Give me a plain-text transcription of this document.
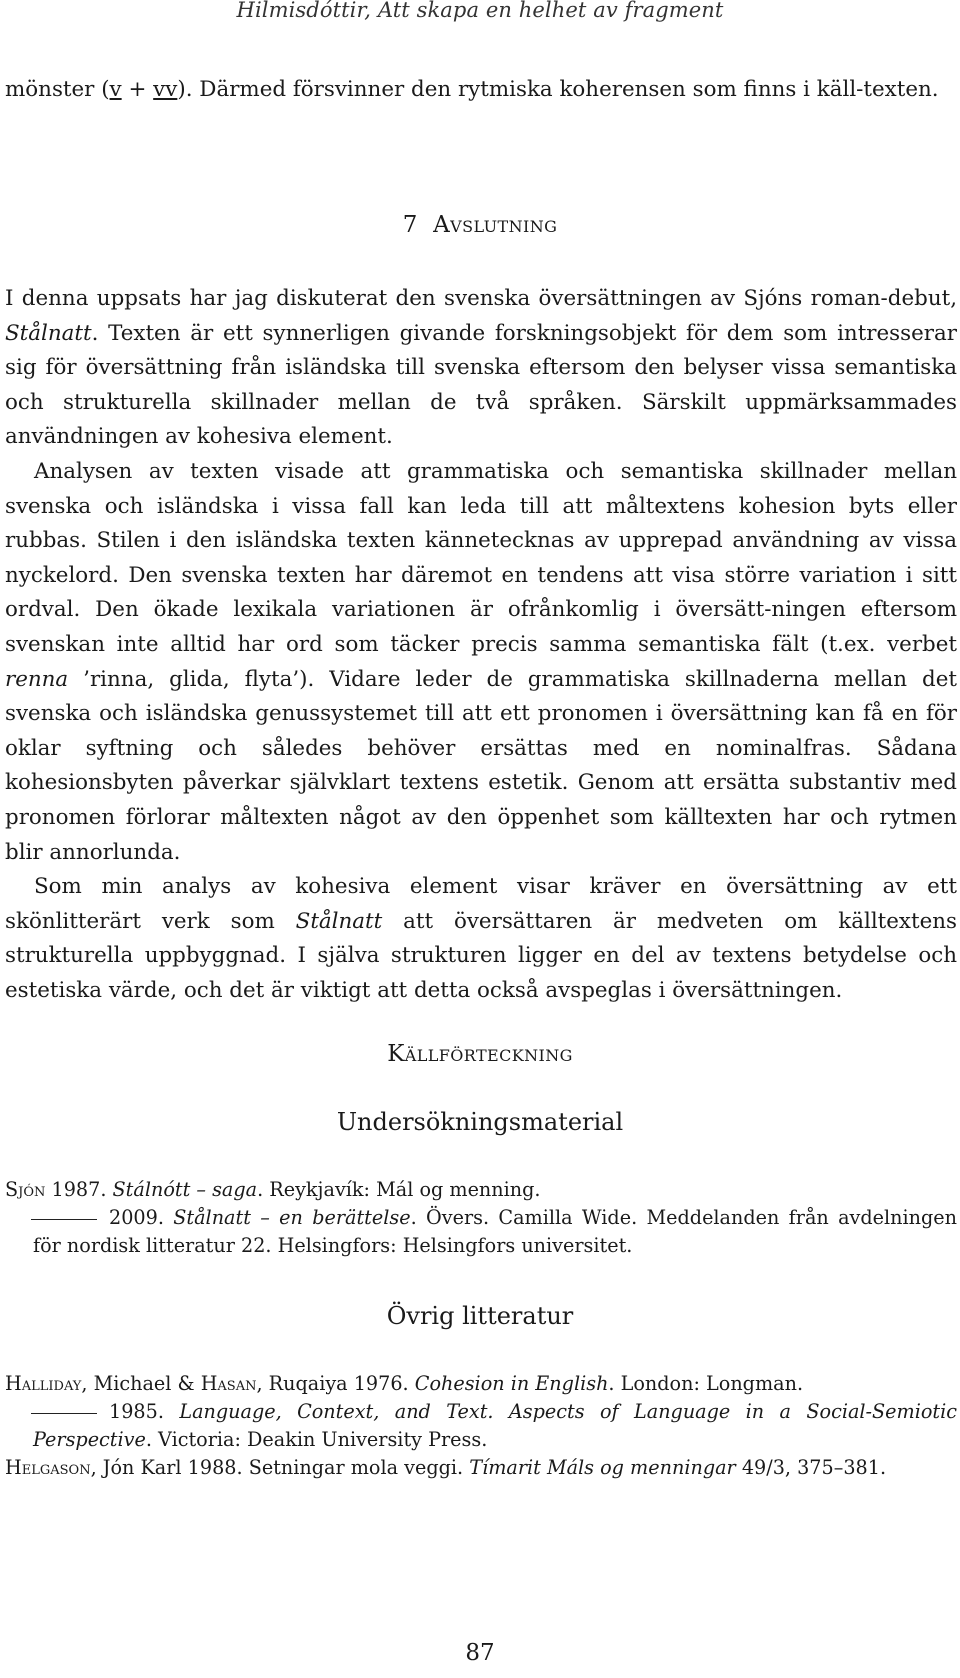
Hilmisdóttir, Att skapa en helhet av fragment

mönster (v + vv). Därmed försvinner den rytmiska koherensen som finns i käll-texten.

7 Avslutning

I denna uppsats har jag diskuterat den svenska översättningen av Sjóns roman-debut, Stålnatt. Texten är ett synnerligen givande forskningsobjekt för dem som intresserar sig för översättning från isländska till svenska eftersom den belyser vissa semantiska och strukturella skillnader mellan de två språken. Särskilt uppmärksammades användningen av kohesiva element.

Analysen av texten visade att grammatiska och semantiska skillnader mellan svenska och isländska i vissa fall kan leda till att måltextens kohesion byts eller rubbas. Stilen i den isländska texten kännetecknas av upprepad användning av vissa nyckelord. Den svenska texten har däremot en tendens att visa större variation i sitt ordval. Den ökade lexikala variationen är ofrånkomlig i översätt-ningen eftersom svenskan inte alltid har ord som täcker precis samma semantiska fält (t.ex. verbet renna ’rinna, glida, flyta’). Vidare leder de grammatiska skillnaderna mellan det svenska och isländska genussystemet till att ett pronomen i översättning kan få en för oklar syftning och således behöver ersättas med en nominalfras. Sådana kohesionsbyten påverkar självklart textens estetik. Genom att ersätta substantiv med pronomen förlorar måltexten något av den öppenhet som källtexten har och rytmen blir annorlunda.

Som min analys av kohesiva element visar kräver en översättning av ett skönlitterärt verk som Stålnatt att översättaren är medveten om källtextens strukturella uppbyggnad. I själva strukturen ligger en del av textens betydelse och estetiska värde, och det är viktigt att detta också avspeglas i översättningen.

Källförteckning
Undersökningsmaterial

Sjón 1987. Stálnótt – saga. Reykjavík: Mál og menning.

2009. Stålnatt – en berättelse. Övers. Camilla Wide. Meddelanden från avdelningen för nordisk litteratur 22. Helsingfors: Helsingfors universitet.

Övrig litteratur

Halliday, Michael & Hasan, Ruqaiya 1976. Cohesion in English. London: Longman.

1985. Language, Context, and Text. Aspects of Language in a Social-Semiotic Perspective. Victoria: Deakin University Press.

Helgason, Jón Karl 1988. Setningar mola veggi. Tímarit Máls og menningar 49/3, 375–381.

87
